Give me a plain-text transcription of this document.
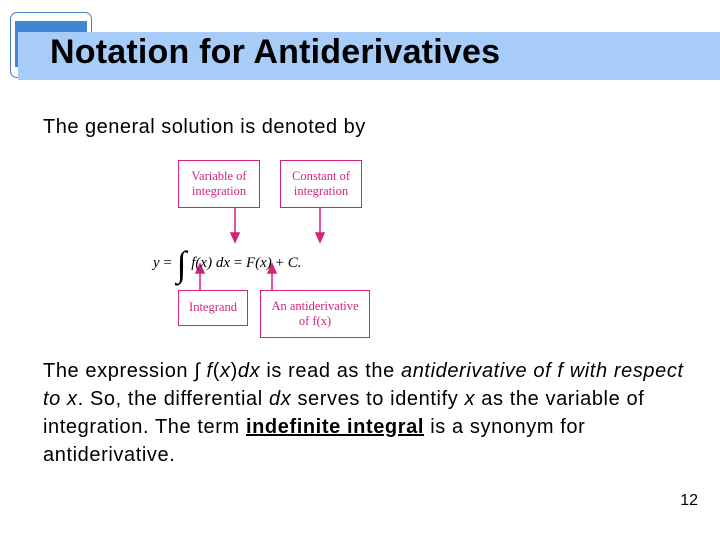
Notation for Antiderivatives
The general solution is denoted by
Variable of
integration
Constant of
integration
Integrand	An antiderivative
of f(x)
y = ∫ f(x) dx = F(x) + C.
The expression ∫ f(x)dx is read as the antiderivative of f with respect to x. So, the differential dx serves to identify x as the variable of integration. The term indefinite integral is a synonym for antiderivative.
12
